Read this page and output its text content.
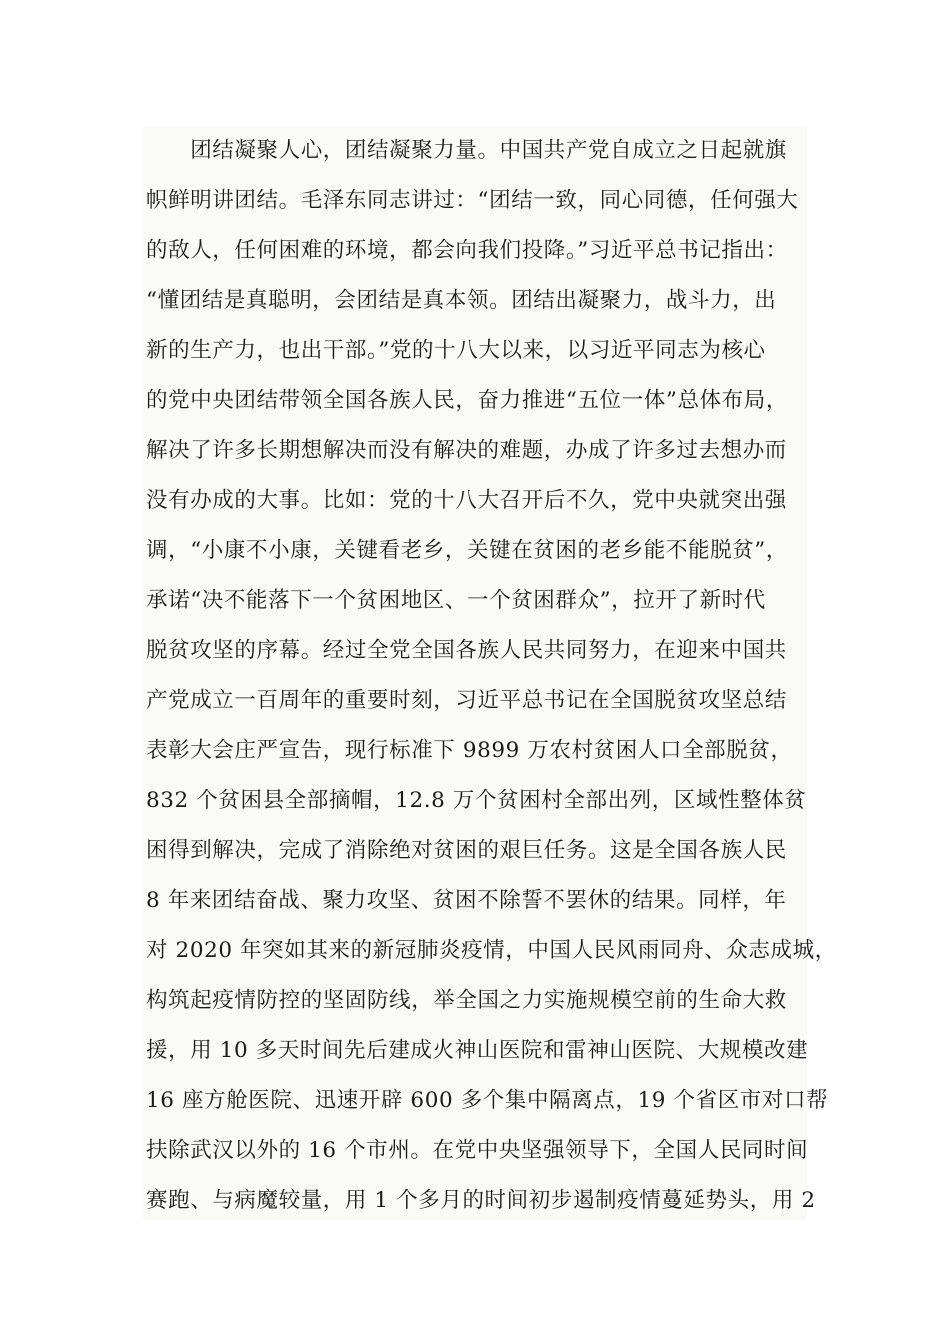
　　团结凝聚人心，团结凝聚力量。中国共产党自成立之日起就旗
帜鲜明讲团结。毛泽东同志讲过：“团结一致，同心同德，任何强大
的敌人，任何困难的环境，都会向我们投降。”习近平总书记指出：
“懂团结是真聪明，会团结是真本领。团结出凝聚力，战斗力，出
新的生产力，也出干部。”党的十八大以来，以习近平同志为核心
的党中央团结带领全国各族人民，奋力推进“五位一体”总体布局，
解决了许多长期想解决而没有解决的难题，办成了许多过去想办而
没有办成的大事。比如：党的十八大召开后不久，党中央就突出强
调，“小康不小康，关键看老乡，关键在贫困的老乡能不能脱贫”，
承诺“决不能落下一个贫困地区、一个贫困群众”，拉开了新时代
脱贫攻坚的序幕。经过全党全国各族人民共同努力，在迎来中国共
产党成立一百周年的重要时刻，习近平总书记在全国脱贫攻坚总结
表彰大会庄严宣告，现行标准下 9899 万农村贫困人口全部脱贫，
832 个贫困县全部摘帽，12.8 万个贫困村全部出列，区域性整体贫
困得到解决，完成了消除绝对贫困的艰巨任务。这是全国各族人民
8 年来团结奋战、聚力攻坚、贫困不除誓不罢休的结果。同样，年
对 2020 年突如其来的新冠肺炎疫情，中国人民风雨同舟、众志成城，
构筑起疫情防控的坚固防线，举全国之力实施规模空前的生命大救
援，用 10 多天时间先后建成火神山医院和雷神山医院、大规模改建
16 座方舱医院、迅速开辟 600 多个集中隔离点，19 个省区市对口帮
扶除武汉以外的 16 个市州。在党中央坚强领导下，全国人民同时间
赛跑、与病魔较量，用 1 个多月的时间初步遏制疫情蔓延势头，用 2
